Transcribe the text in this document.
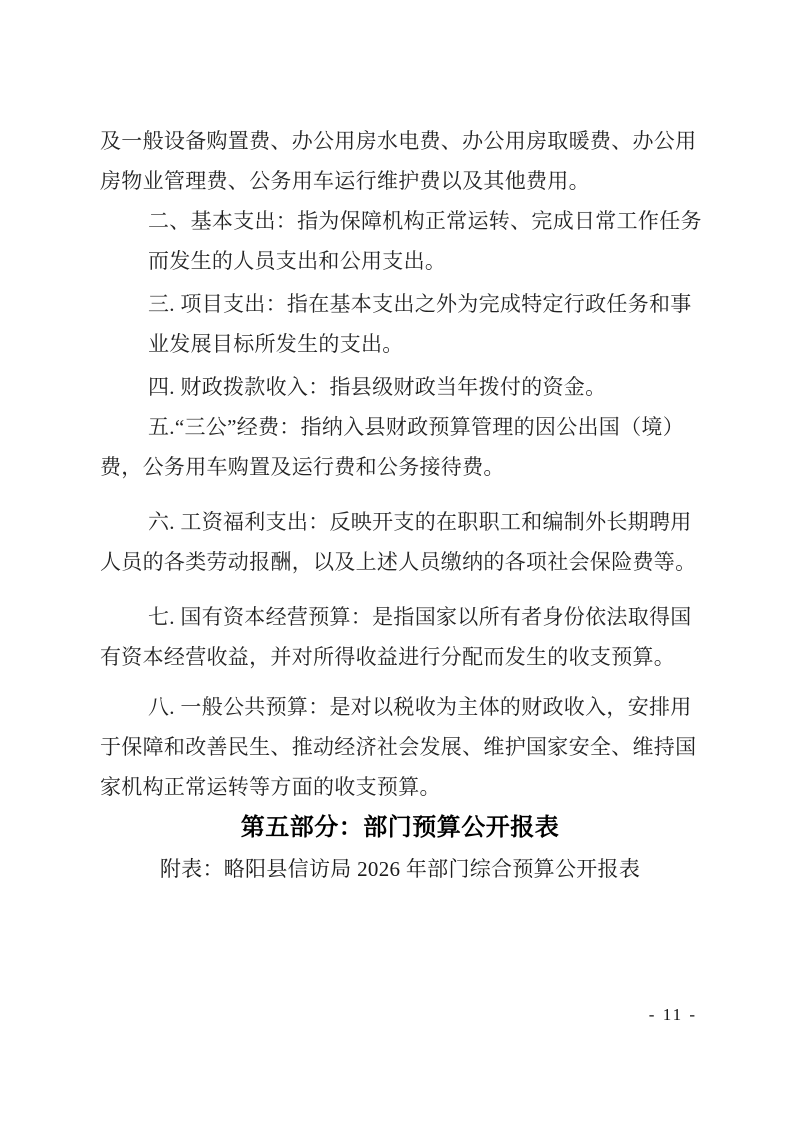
及一般设备购置费、办公用房水电费、办公用房取暖费、办公用
房物业管理费、公务用车运行维护费以及其他费用。
二、基本支出：指为保障机构正常运转、完成日常工作任务
而发生的人员支出和公用支出。
三. 项目支出：指在基本支出之外为完成特定行政任务和事
业发展目标所发生的支出。
四. 财政拨款收入：指县级财政当年拨付的资金。
五.“三公”经费：指纳入县财政预算管理的因公出国（境）
费，公务用车购置及运行费和公务接待费。
六. 工资福利支出：反映开支的在职职工和编制外长期聘用
人员的各类劳动报酬，以及上述人员缴纳的各项社会保险费等。
七. 国有资本经营预算：是指国家以所有者身份依法取得国
有资本经营收益，并对所得收益进行分配而发生的收支预算。
八. 一般公共预算：是对以税收为主体的财政收入，安排用
于保障和改善民生、推动经济社会发展、维护国家安全、维持国
家机构正常运转等方面的收支预算。
第五部分：部门预算公开报表
附表：略阳县信访局 2026 年部门综合预算公开报表
- 11 -
